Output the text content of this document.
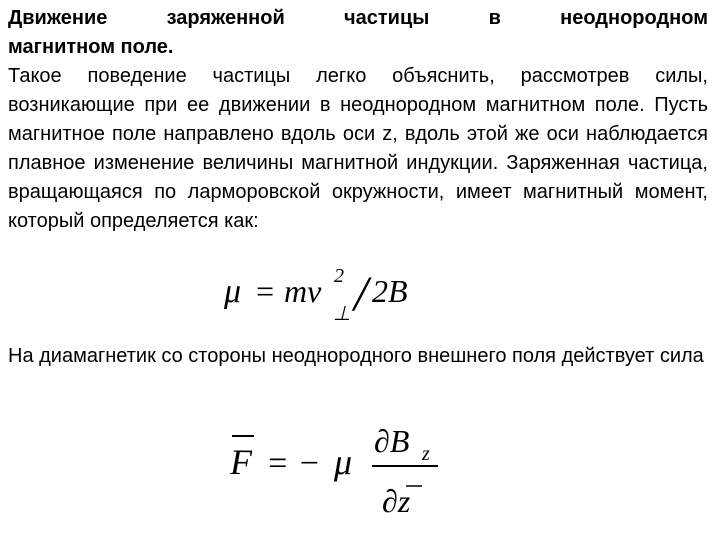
Движение заряженной частицы в неоднородном
магнитном поле.

Такое поведение частицы легко объяснить, рассмотрев силы, возникающие при ее движении в неоднородном магнитном поле. Пусть магнитное поле направлено вдоль оси z, вдоль этой же оси наблюдается плавное изменение величины магнитной индукции. Заряженная частица, вращающаяся по ларморовской окружности, имеет магнитный момент, который определяется как:

μ = mv 2
⊥ / 2B

На диамагнетик со стороны неоднородного внешнего поля действует сила

F = − μ
∂B z
∂z
